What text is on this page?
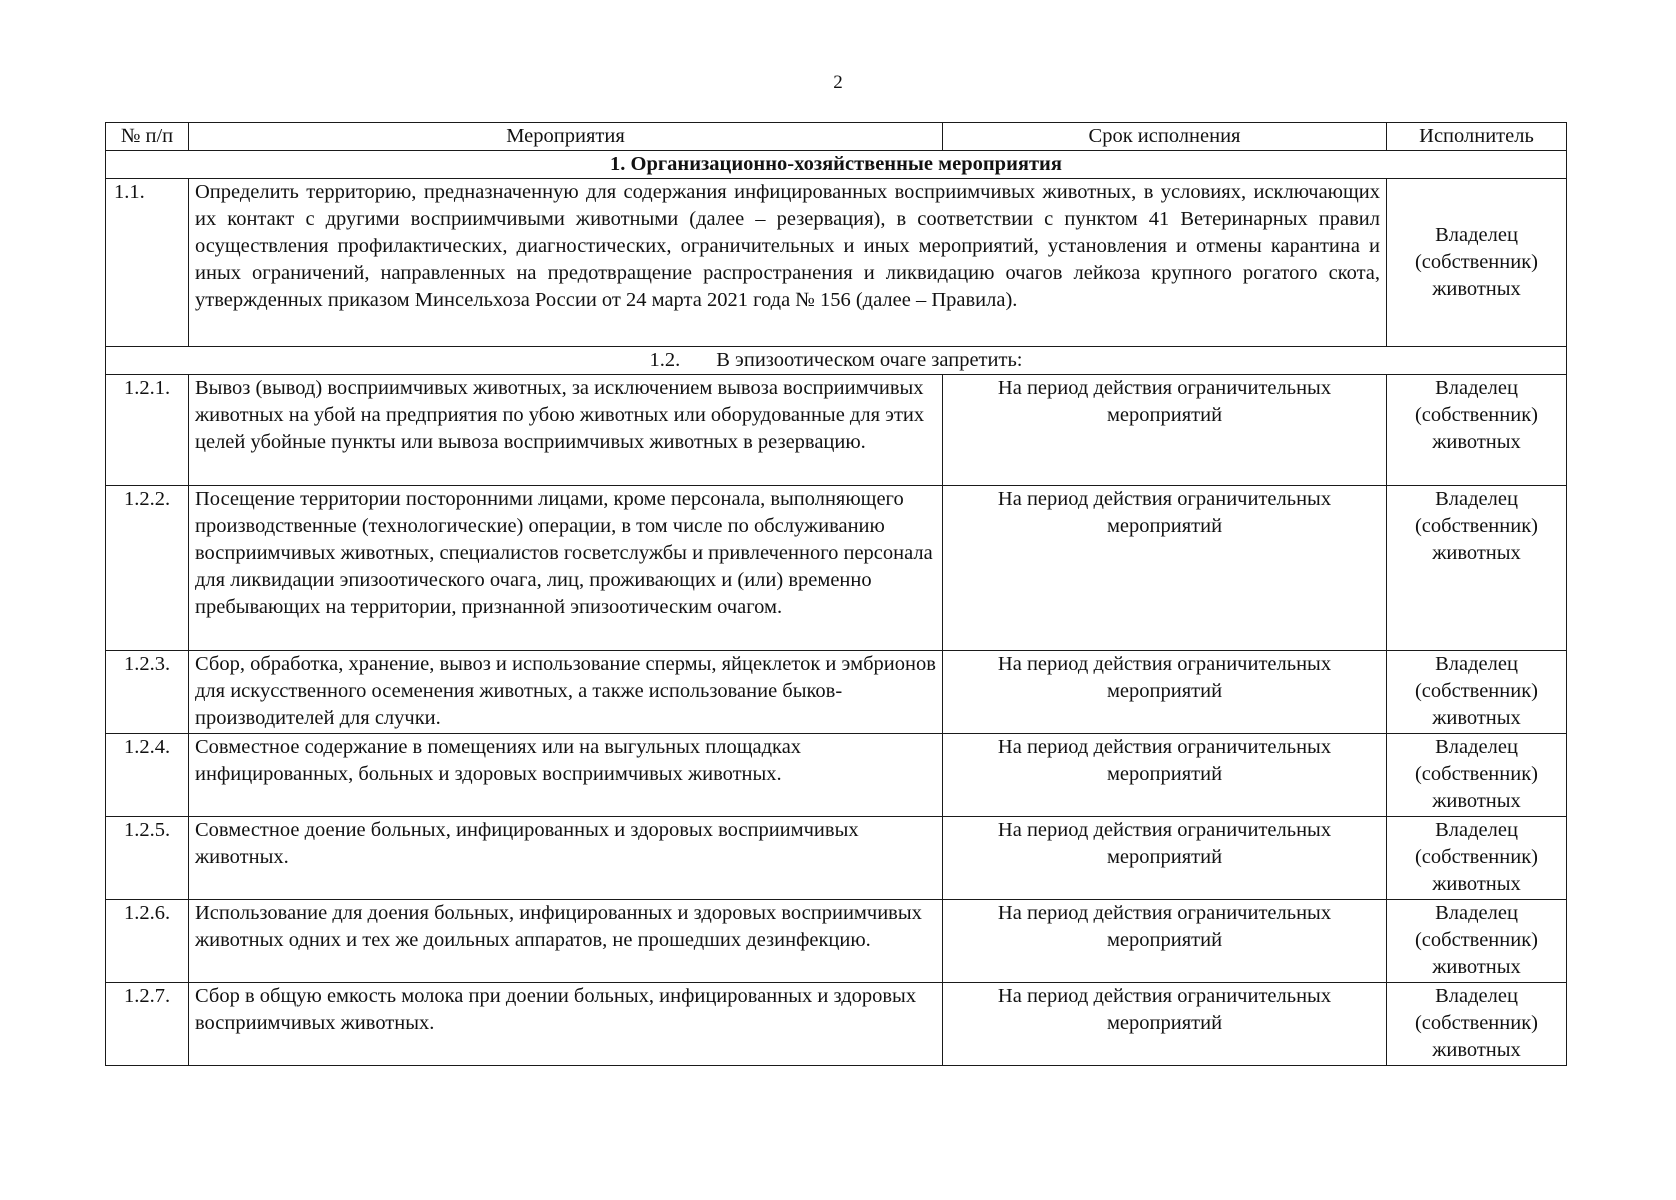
2
№ п/п	Мероприятия	Срок исполнения	Исполнитель
1. Организационно-хозяйственные мероприятия			
1.1.	Определить территорию, предназначенную для содержания инфицированных восприимчивых животных, в условиях, исключающих их контакт с другими восприимчивыми животными (далее – резервация), в соответствии с пунктом 41 Ветеринарных правил осуществления профилактических, диагностических, ограничительных и иных мероприятий, установления и отмены карантина и иных ограничений, направленных на предотвращение распространения и ликвидацию очагов лейкоза крупного рогатого скота, утвержденных приказом Минсельхоза России от 24 марта 2021 года № 156 (далее – Правила).		Владелец (собственник) животных
1.2. В эпизоотическом очаге запретить:			
1.2.1.	Вывоз (вывод) восприимчивых животных, за исключением вывоза восприимчивых животных на убой на предприятия по убою животных или оборудованные для этих целей убойные пункты или вывоза восприимчивых животных в резервацию.	На период действия ограничительных мероприятий	Владелец (собственник) животных
1.2.2.	Посещение территории посторонними лицами, кроме персонала, выполняющего производственные (технологические) операции, в том числе по обслуживанию восприимчивых животных, специалистов госветслужбы и привлеченного персонала для ликвидации эпизоотического очага, лиц, проживающих и (или) временно пребывающих на территории, признанной эпизоотическим очагом.	На период действия ограничительных мероприятий	Владелец (собственник) животных
1.2.3.	Сбор, обработка, хранение, вывоз и использование спермы, яйцеклеток и эмбрионов для искусственного осеменения животных, а также использование быков-производителей для случки.	На период действия ограничительных мероприятий	Владелец (собственник) животных
1.2.4.	Совместное содержание в помещениях или на выгульных площадках инфицированных, больных и здоровых восприимчивых животных.	На период действия ограничительных мероприятий	Владелец (собственник) животных
1.2.5.	Совместное доение больных, инфицированных и здоровых восприимчивых животных.	На период действия ограничительных мероприятий	Владелец (собственник) животных
1.2.6.	Использование для доения больных, инфицированных и здоровых восприимчивых животных одних и тех же доильных аппаратов, не прошедших дезинфекцию.	На период действия ограничительных мероприятий	Владелец (собственник) животных
1.2.7.	Сбор в общую емкость молока при доении больных, инфицированных и здоровых восприимчивых животных.	На период действия ограничительных мероприятий	Владелец (собственник) животных
